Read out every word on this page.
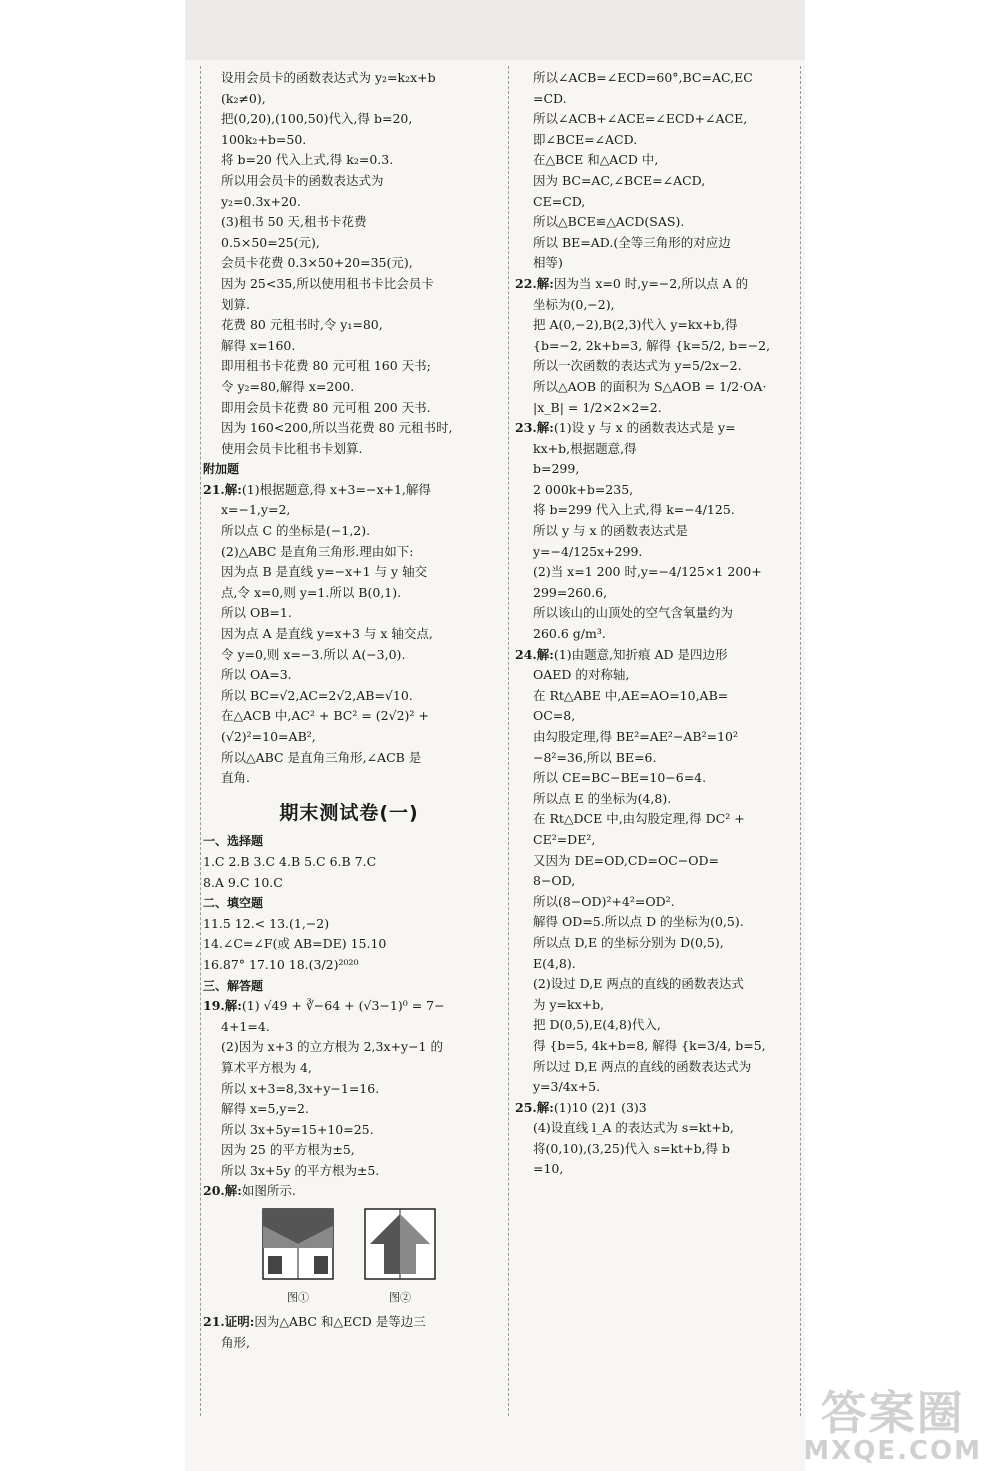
设用会员卡的函数表达式为 y₂=k₂x+b
(k₂≠0),
把(0,20),(100,50)代入,得 b=20,
100k₂+b=50.
将 b=20 代入上式,得 k₂=0.3.
所以用会员卡的函数表达式为
y₂=0.3x+20.
(3)租书 50 天,租书卡花费
0.5×50=25(元),
会员卡花费 0.3×50+20=35(元),
因为 25<35,所以使用租书卡比会员卡
划算.
花费 80 元租书时,令 y₁=80,
解得 x=160.
即用租书卡花费 80 元可租 160 天书;
令 y₂=80,解得 x=200.
即用会员卡花费 80 元可租 200 天书.
因为 160<200,所以当花费 80 元租书时,
使用会员卡比租书卡划算.
附加题
21.解:(1)根据题意,得 x+3=−x+1,解得
x=−1,y=2,
所以点 C 的坐标是(−1,2).
(2)△ABC 是直角三角形.理由如下:
因为点 B 是直线 y=−x+1 与 y 轴交
点,令 x=0,则 y=1.所以 B(0,1).
所以 OB=1.
因为点 A 是直线 y=x+3 与 x 轴交点,
令 y=0,则 x=−3.所以 A(−3,0).
所以 OA=3.
所以 BC=√2,AC=2√2,AB=√10.
在△ACB 中,AC² + BC² = (2√2)² +
(√2)²=10=AB²,
所以△ABC 是直角三角形,∠ACB 是
直角.
期末测试卷(一)
一、选择题
1.C 2.B 3.C 4.B 5.C 6.B 7.C
8.A 9.C 10.C
二、填空题
11.5 12.< 13.(1,−2)
14.∠C=∠F(或 AB=DE) 15.10
16.87° 17.10 18.(3/2)²⁰²⁰
三、解答题
19.解:(1) √49 + ∛−64 + (√3−1)⁰ = 7−
4+1=4.
(2)因为 x+3 的立方根为 2,3x+y−1 的
算术平方根为 4,
所以 x+3=8,3x+y−1=16.
解得 x=5,y=2.
所以 3x+5y=15+10=25.
因为 25 的平方根为±5,
所以 3x+5y 的平方根为±5.
20.解:如图所示.
图①	图②
21.证明:因为△ABC 和△ECD 是等边三
角形,
所以∠ACB=∠ECD=60°,BC=AC,EC
=CD.
所以∠ACB+∠ACE=∠ECD+∠ACE,
即∠BCE=∠ACD.
在△BCE 和△ACD 中,
因为 BC=AC,∠BCE=∠ACD,
CE=CD,
所以△BCE≌△ACD(SAS).
所以 BE=AD.(全等三角形的对应边
相等)
22.解:因为当 x=0 时,y=−2,所以点 A 的
坐标为(0,−2),
把 A(0,−2),B(2,3)代入 y=kx+b,得
{b=−2, 2k+b=3, 解得 {k=5/2, b=−2,
所以一次函数的表达式为 y=5/2x−2.
所以△AOB 的面积为 S△AOB = 1/2·OA·
|x_B| = 1/2×2×2=2.
23.解:(1)设 y 与 x 的函数表达式是 y=
kx+b,根据题意,得
b=299,
2 000k+b=235,
将 b=299 代入上式,得 k=−4/125.
所以 y 与 x 的函数表达式是
y=−4/125x+299.
(2)当 x=1 200 时,y=−4/125×1 200+
299=260.6,
所以该山的山顶处的空气含氧量约为
260.6 g/m³.
24.解:(1)由题意,知折痕 AD 是四边形
OAED 的对称轴,
在 Rt△ABE 中,AE=AO=10,AB=
OC=8,
由勾股定理,得 BE²=AE²−AB²=10²
−8²=36,所以 BE=6.
所以 CE=BC−BE=10−6=4.
所以点 E 的坐标为(4,8).
在 Rt△DCE 中,由勾股定理,得 DC² +
CE²=DE²,
又因为 DE=OD,CD=OC−OD=
8−OD,
所以(8−OD)²+4²=OD².
解得 OD=5.所以点 D 的坐标为(0,5).
所以点 D,E 的坐标分别为 D(0,5),
E(4,8).
(2)设过 D,E 两点的直线的函数表达式
为 y=kx+b,
把 D(0,5),E(4,8)代入,
得 {b=5, 4k+b=8, 解得 {k=3/4, b=5,
所以过 D,E 两点的直线的函数表达式为
y=3/4x+5.
25.解:(1)10 (2)1 (3)3
(4)设直线 l_A 的表达式为 s=kt+b,
将(0,10),(3,25)代入 s=kt+b,得 b
=10,
答案圈
MXQE.COM
